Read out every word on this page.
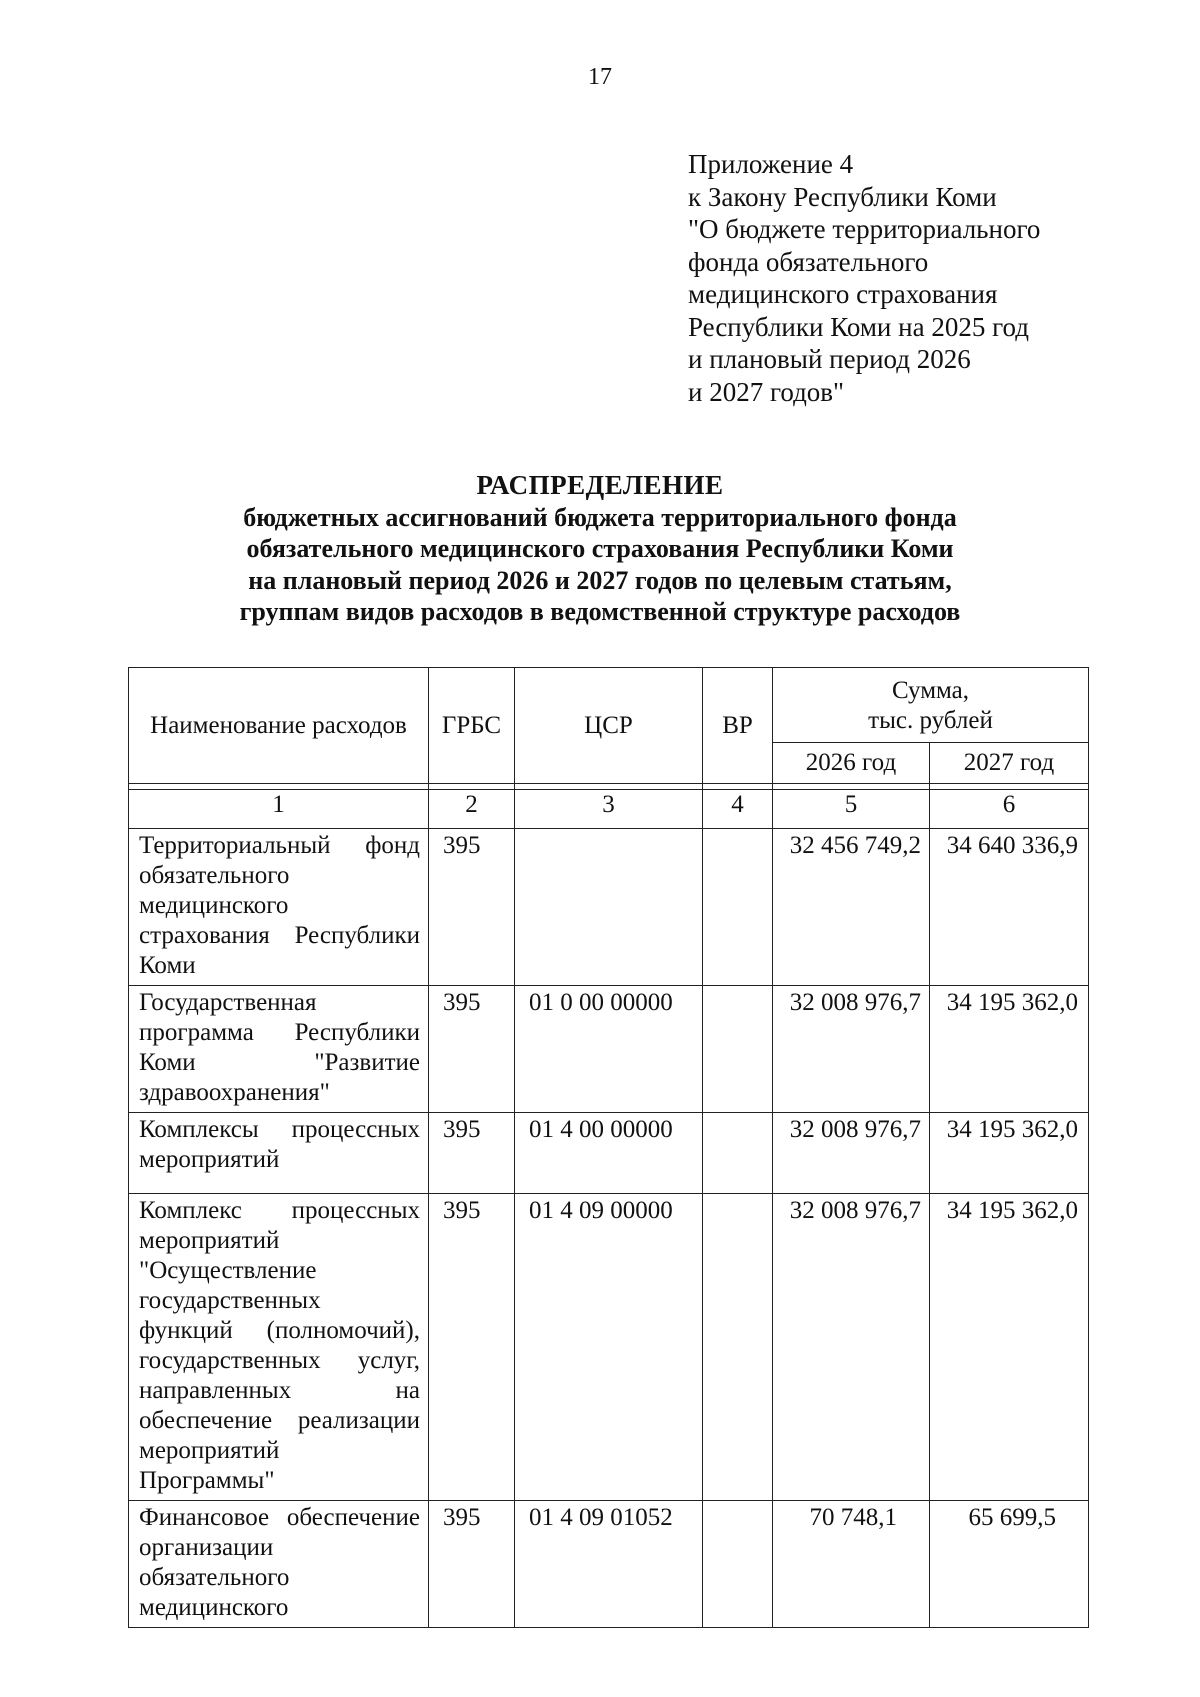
17
Приложение 4
к Закону Республики Коми
"О бюджете территориального
фонда обязательного
медицинского страхования
Республики Коми на 2025 год
и плановый период 2026
и 2027 годов"
РАСПРЕДЕЛЕНИЕ
бюджетных ассигнований бюджета территориального фонда
обязательного медицинского страхования Республики Коми
на плановый период 2026 и 2027 годов по целевым статьям,
группам видов расходов в ведомственной структуре расходов
Наименование расходов	ГРБС	ЦСР	ВР	Сумма,
тыс. рублей	

				2026 год	2027 год

1	2	3	4	5	6
Территориальный фонд обязательного медицинского страхования Республики Коми	395			32 456 749,2	34 640 336,9
Государственная программа Республики Коми "Развитие здравоохранения"	395	01 0 00 00000		32 008 976,7	34 195 362,0
Комплексы процессных мероприятий	395	01 4 00 00000		32 008 976,7	34 195 362,0
Комплекс процессных мероприятий "Осуществление государственных функций (полномочий), государственных услуг, направленных на обеспечение реализации мероприятий Программы"	395	01 4 09 00000		32 008 976,7	34 195 362,0
Финансовое обеспечение организации обязательного медицинского	395	01 4 09 01052		70 748,1	65 699,5
